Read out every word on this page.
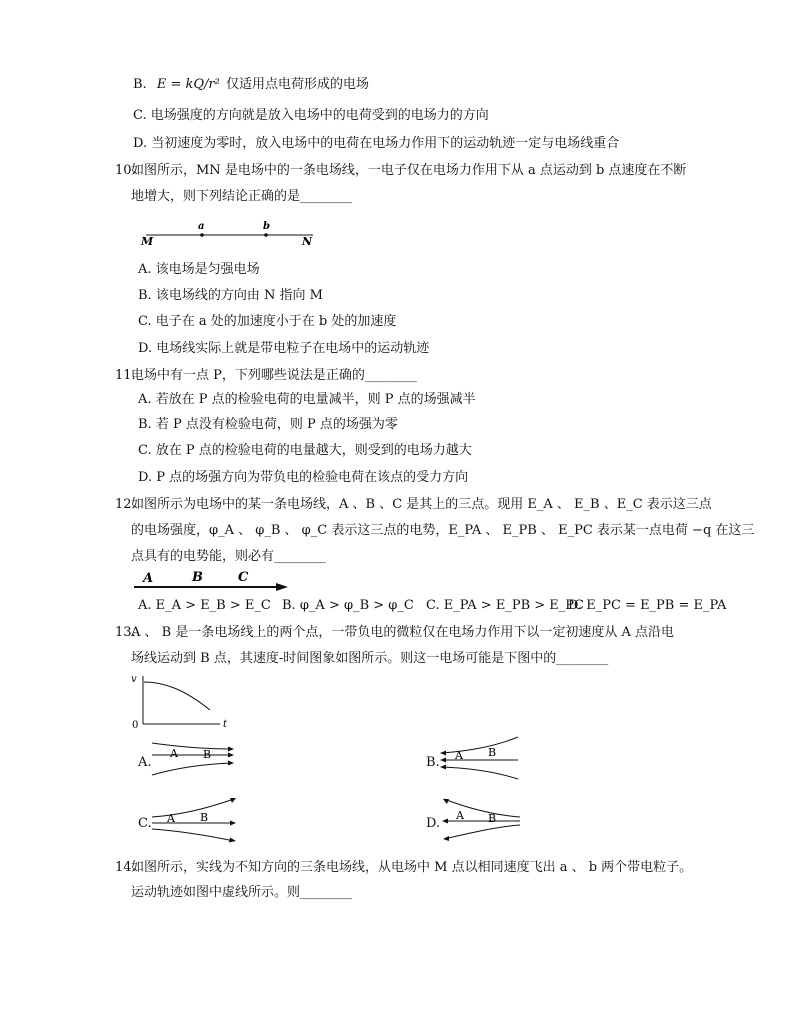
B. E = kQ/r² 仅适用点电荷形成的电场
C. 电场强度的方向就是放入电场中的电荷受到的电场力的方向
D. 当初速度为零时，放入电场中的电荷在电场力作用下的运动轨迹一定与电场线重合
10.
如图所示，MN 是电场中的一条电场线，一电子仅在电场力作用下从 a 点运动到 b 点速度在不断
地增大，则下列结论正确的是________
M	N
a	b
A. 该电场是匀强电场
B. 该电场线的方向由 N 指向 M
C. 电子在 a 处的加速度小于在 b 处的加速度
D. 电场线实际上就是带电粒子在电场中的运动轨迹
11.
电场中有一点 P，下列哪些说法是正确的________
A. 若放在 P 点的检验电荷的电量减半，则 P 点的场强减半
B. 若 P 点没有检验电荷，则 P 点的场强为零
C. 放在 P 点的检验电荷的电量越大，则受到的电场力越大
D. P 点的场强方向为带负电的检验电荷在该点的受力方向
12.
如图所示为电场中的某一条电场线，A 、B 、C 是其上的三点。现用 E_A 、 E_B 、E_C 表示这三点
的电场强度，φ_A 、 φ_B 、 φ_C 表示这三点的电势，E_PA 、 E_PB 、 E_PC 表示某一点电荷 −q 在这三
点具有的电势能，则必有________
A	B	C
A. E_A > E_B > E_C B. φ_A > φ_B > φ_C C. E_PA > E_PB > E_PC
D. E_PC = E_PB = E_PA
13.
A 、 B 是一条电场线上的两个点，一带负电的微粒仅在电场力作用下以一定初速度从 A 点沿电
场线运动到 B 点，其速度-时间图象如图所示。则这一电场可能是下图中的________
v
t
0
A.
A B
B. A B
C. A B	D.
A B
14.
如图所示，实线为不知方向的三条电场线，从电场中 M 点以相同速度飞出 a 、 b 两个带电粒子。
运动轨迹如图中虚线所示。则________
